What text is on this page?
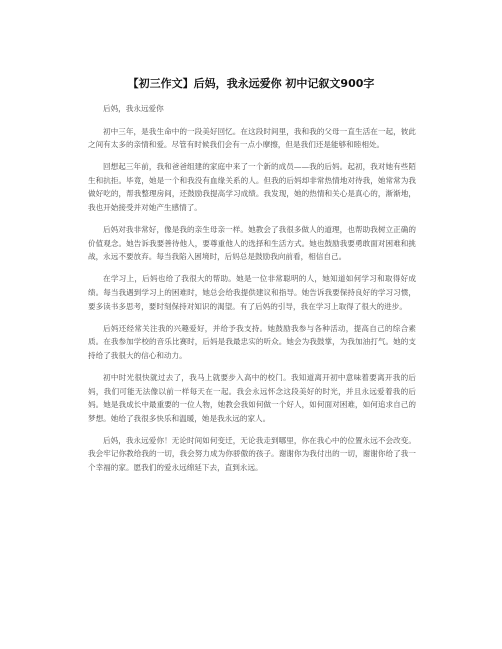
【初三作文】后妈，我永远爱你 初中记叙文900字

后妈，我永远爱你

初中三年，是我生命中的一段美好回忆。在这段时间里，我和我的父母一直生活在一起，彼此之间有太多的亲情和爱。尽管有时候我们会有一点小摩擦，但是我们还是能够和睦相处。

回想起三年前，我和爸爸组建的家庭中来了一个新的成员——我的后妈。起初，我对她有些陌生和抗拒。毕竟，她是一个和我没有血缘关系的人。但我的后妈却非常热情地对待我，她常常为我做好吃的，帮我整理房间，还鼓励我提高学习成绩。我发现，她的热情和关心是真心的，渐渐地，我也开始接受并对她产生感情了。

后妈对我非常好，像是我的亲生母亲一样。她教会了我很多做人的道理，也帮助我树立正确的价值观念。她告诉我要善待他人，要尊重他人的选择和生活方式。她也鼓励我要勇敢面对困难和挑战，永远不要放弃。每当我陷入困境时，后妈总是鼓励我向前看，相信自己。

在学习上，后妈也给了我很大的帮助。她是一位非常聪明的人，她知道如何学习和取得好成绩。每当我遇到学习上的困难时，她总会给我提供建议和指导。她告诉我要保持良好的学习习惯，要多读书多思考，要时刻保持对知识的渴望。有了后妈的引导，我在学习上取得了很大的进步。

后妈还经常关注我的兴趣爱好，并给予我支持。她鼓励我参与各种活动，提高自己的综合素质。在我参加学校的音乐比赛时，后妈是我最忠实的听众。她会为我鼓掌，为我加油打气。她的支持给了我很大的信心和动力。

初中时光很快就过去了，我马上就要步入高中的校门。我知道离开初中意味着要离开我的后妈，我们可能无法像以前一样每天在一起。我会永远怀念这段美好的时光，并且永远爱着我的后妈。她是我成长中最重要的一位人物，她教会我如何做一个好人，如何面对困难，如何追求自己的梦想。她给了我很多快乐和温暖，她是我永远的家人。

后妈，我永远爱你！无论时间如何变迁，无论我走到哪里，你在我心中的位置永远不会改变。我会牢记你教给我的一切，我会努力成为你骄傲的孩子。谢谢你为我付出的一切，谢谢你给了我一个幸福的家。愿我们的爱永远绵延下去，直到永远。
